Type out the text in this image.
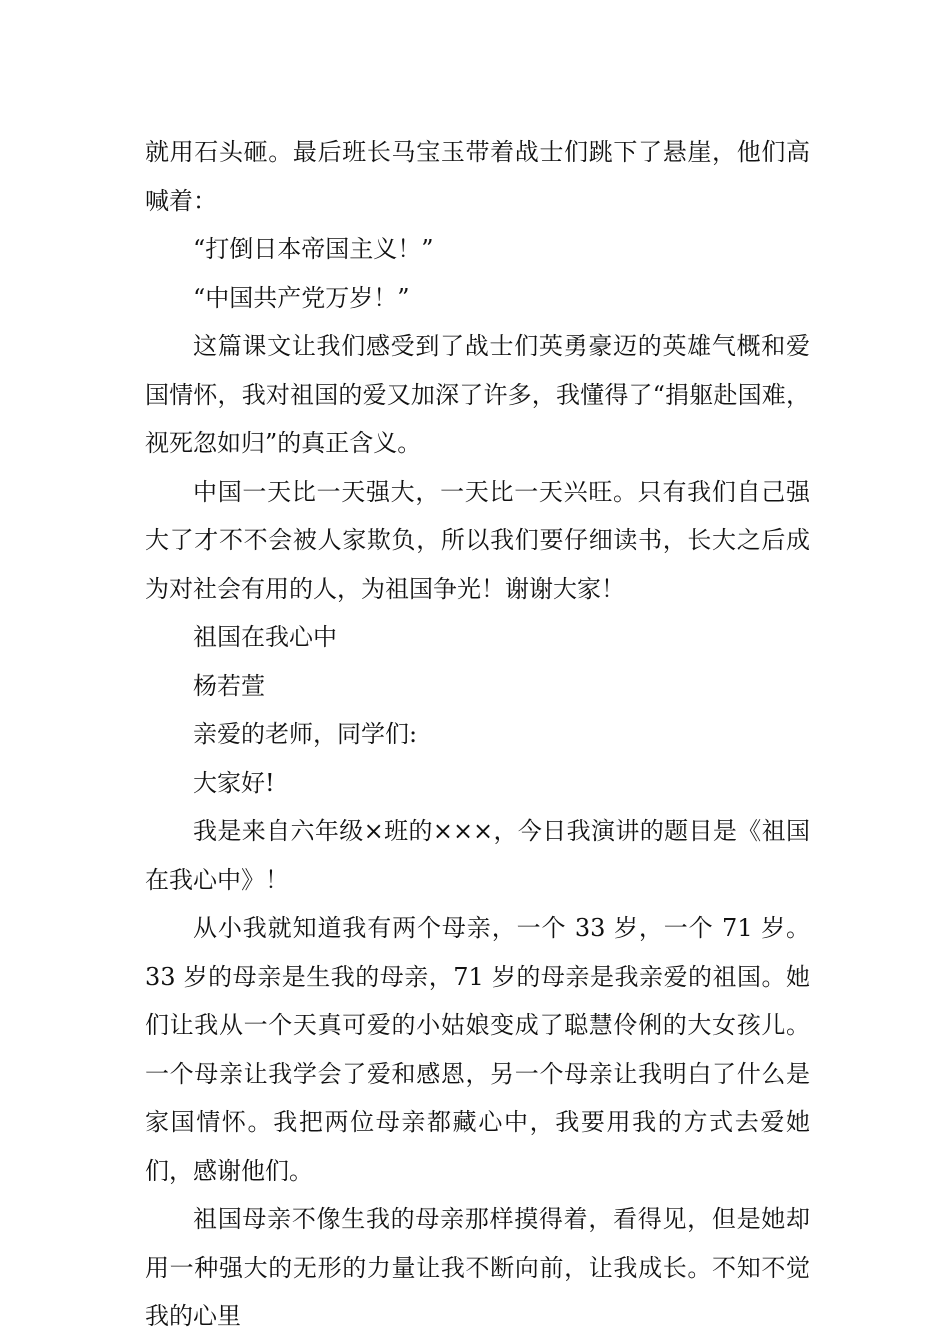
就用石头砸。最后班长马宝玉带着战士们跳下了悬崖，他们高喊着：

“打倒日本帝国主义！”

“中国共产党万岁！”

这篇课文让我们感受到了战士们英勇豪迈的英雄气概和爱国情怀，我对祖国的爱又加深了许多，我懂得了“捐躯赴国难，视死忽如归”的真正含义。

中国一天比一天强大，一天比一天兴旺。只有我们自己强大了才不不会被人家欺负，所以我们要仔细读书，长大之后成为对社会有用的人，为祖国争光！谢谢大家！

祖国在我心中

杨若萱

亲爱的老师，同学们:

大家好!

我是来自六年级×班的×××，今日我演讲的题目是《祖国在我心中》！

从小我就知道我有两个母亲，一个 33 岁，一个 71 岁。33 岁的母亲是生我的母亲，71 岁的母亲是我亲爱的祖国。她们让我从一个天真可爱的小姑娘变成了聪慧伶俐的大女孩儿。一个母亲让我学会了爱和感恩，另一个母亲让我明白了什么是家国情怀。我把两位母亲都藏心中，我要用我的方式去爱她们，感谢他们。

祖国母亲不像生我的母亲那样摸得着，看得见，但是她却用一种强大的无形的力量让我不断向前，让我成长。不知不觉我的心里
